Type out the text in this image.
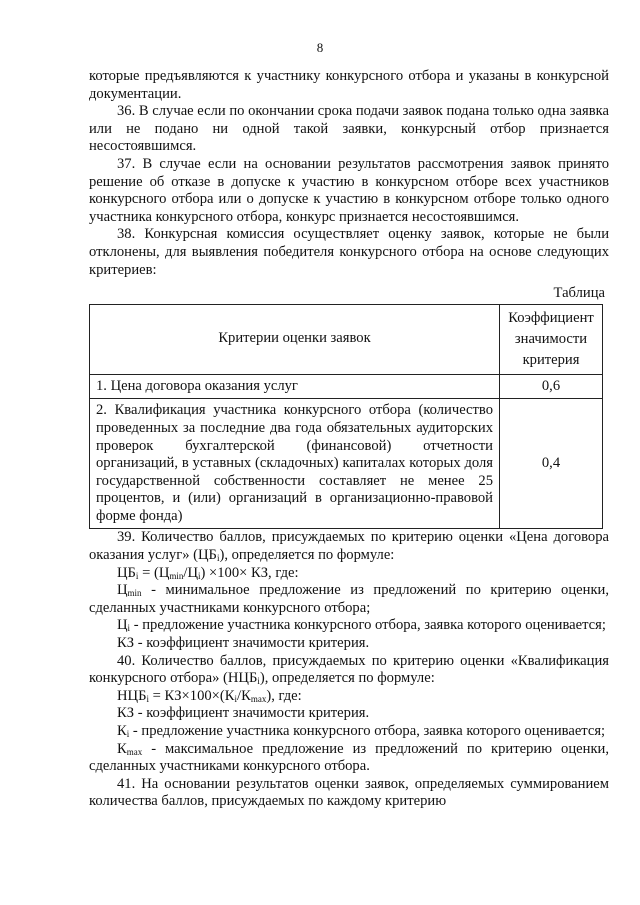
8

которые предъявляются к участнику конкурсного отбора и указаны в конкурсной документации.

36. В случае если по окончании срока подачи заявок подана только одна заявка или не подано ни одной такой заявки, конкурсный отбор признается несостоявшимся.

37. В случае если на основании результатов рассмотрения заявок принято решение об отказе в допуске к участию в конкурсном отборе всех участников конкурсного отбора или о допуске к участию в конкурсном отборе только одного участника конкурсного отбора, конкурс признается несостоявшимся.

38. Конкурсная комиссия осуществляет оценку заявок, которые не были отклонены, для выявления победителя конкурсного отбора на основе следующих критериев:

Таблица

Критерии оценки заявок	Коэффициент значимости критерия
1. Цена договора оказания услуг	0,6
2. Квалификация участника конкурсного отбора (количество проведенных за последние два года обязательных аудиторских проверок бухгалтерской (финансовой) отчетности организаций, в уставных (складочных) капиталах которых доля государственной собственности составляет не менее 25 процентов, и (или) организаций в организационно-правовой форме фонда)	0,4

39. Количество баллов, присуждаемых по критерию оценки «Цена договора оказания услуг» $(ЦБ_i)$, определяется по формуле:

$ЦБ_i = (Ц_{min}/Ц_i) \times 100\times$ КЗ, где:

$Ц_{min}$ - минимальное предложение из предложений по критерию оценки, сделанных участниками конкурсного отбора;

$Ц_i$ - предложение участника конкурсного отбора, заявка которого оценивается;

КЗ - коэффициент значимости критерия.

40. Количество баллов, присуждаемых по критерию оценки «Квалификация конкурсного отбора» $(НЦБ_i)$, определяется по формуле:

$НЦБ_i = КЗ\times 100\times(К_i/К_{max})$, где:

КЗ - коэффициент значимости критерия.

$К_i$ - предложение участника конкурсного отбора, заявка которого оценивается;

$К_{max}$ - максимальное предложение из предложений по критерию оценки, сделанных участниками конкурсного отбора.

41. На основании результатов оценки заявок, определяемых суммированием количества баллов, присуждаемых по каждому критерию
